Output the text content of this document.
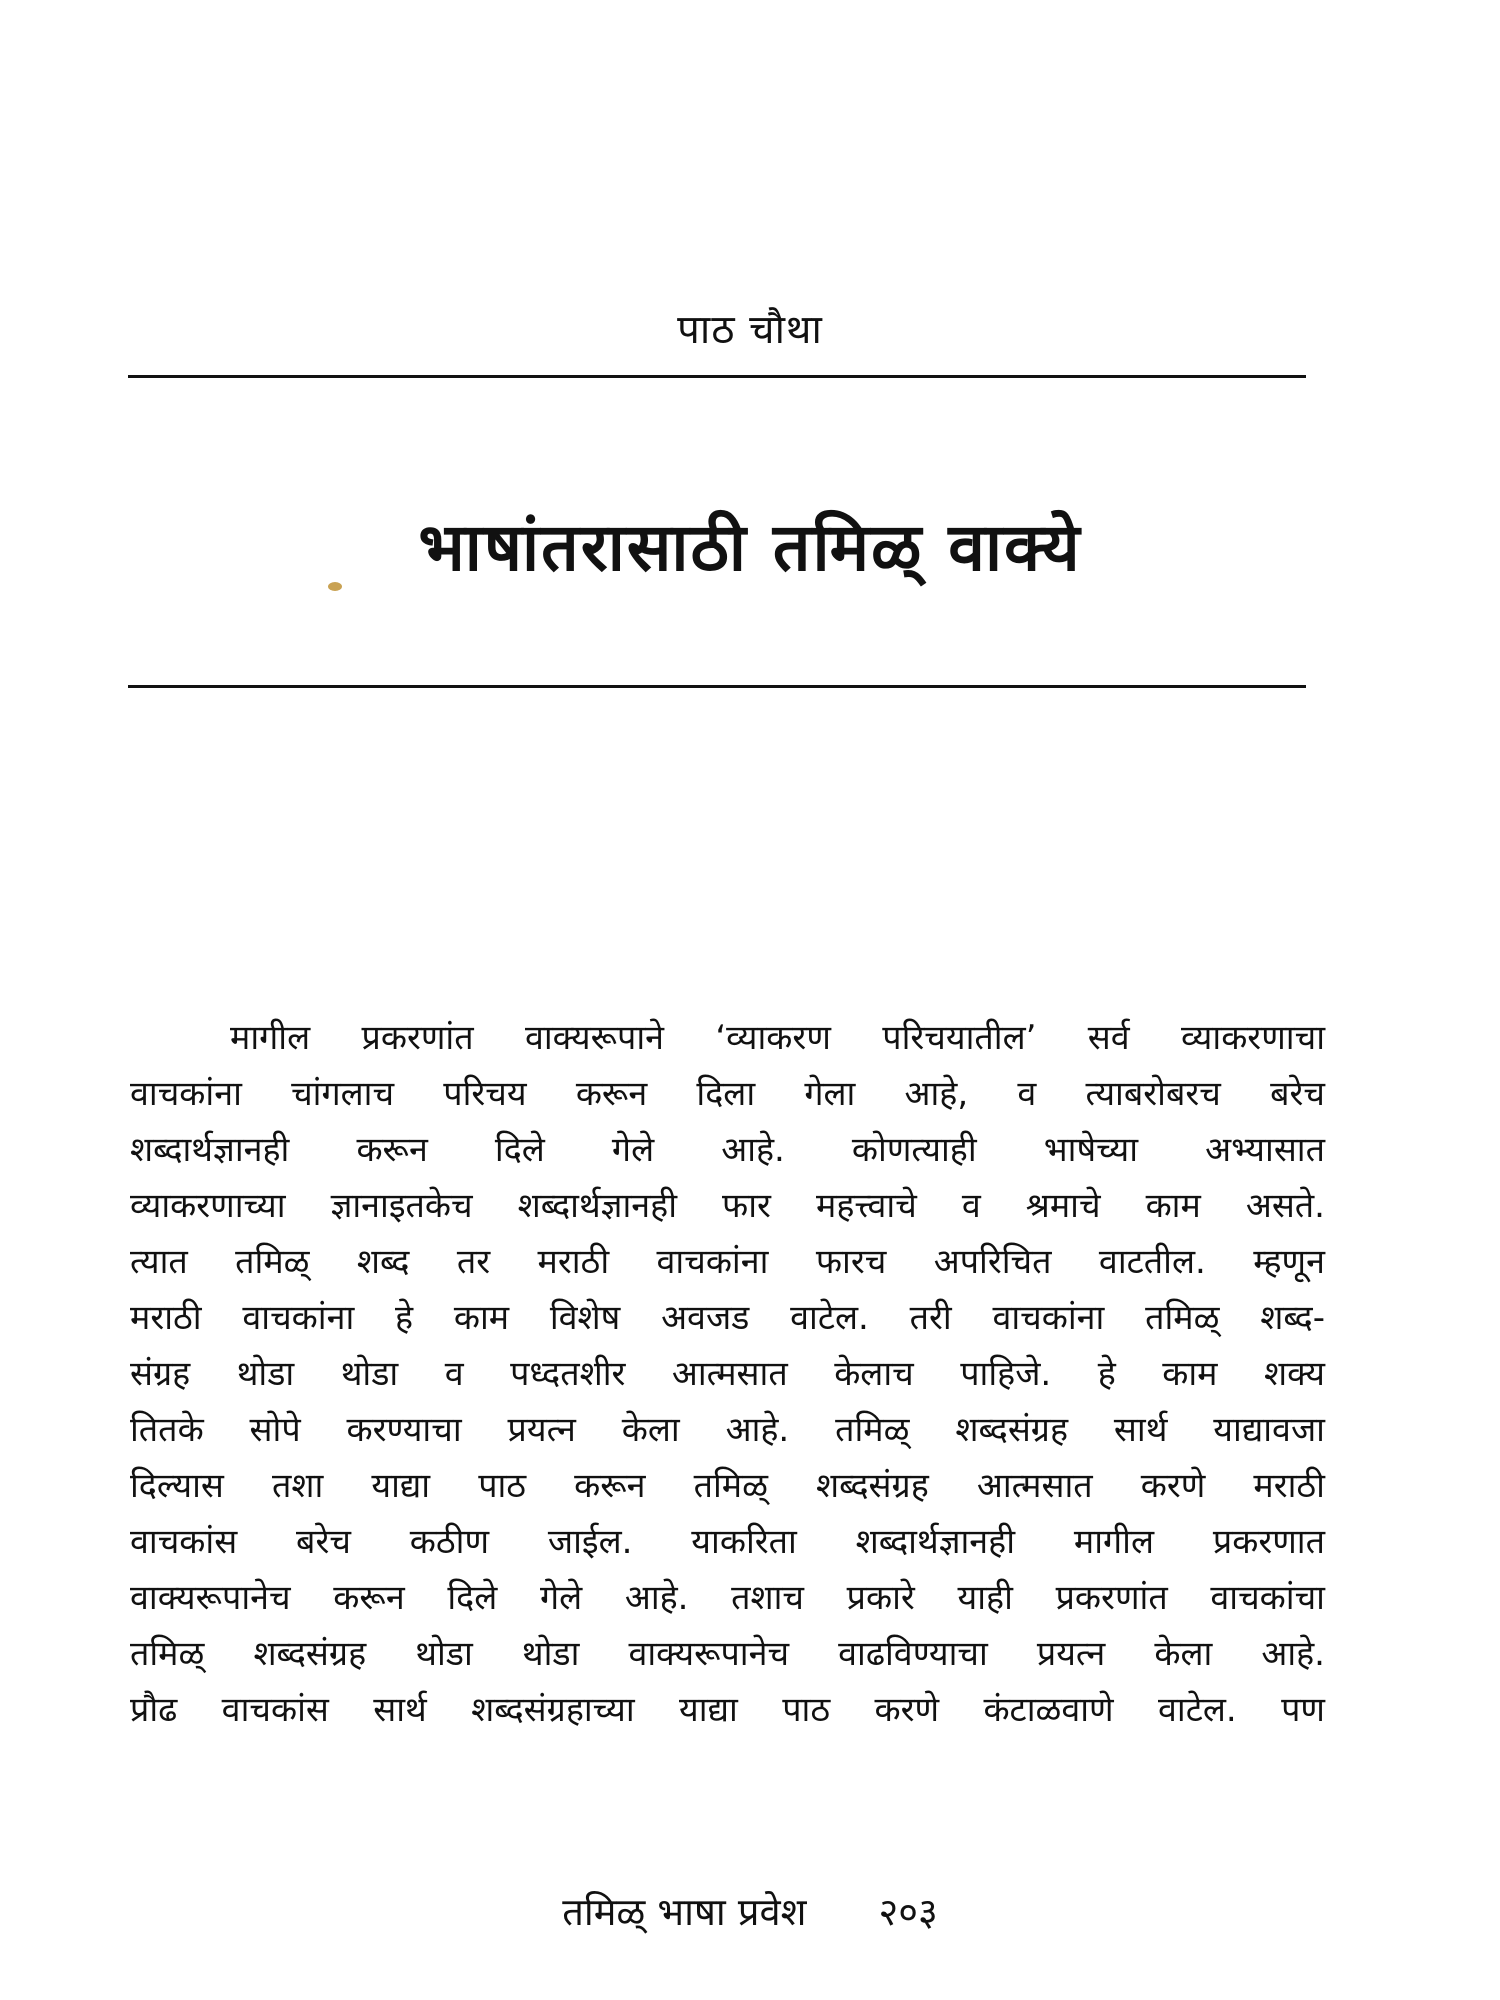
पाठ चौथा
भाषांतरासाठी तमिळ् वाक्ये
मागील प्रकरणांत वाक्यरूपाने ‘व्याकरण परिचयातील’ सर्व व्याकरणाचा
वाचकांना चांगलाच परिचय करून दिला गेला आहे, व त्याबरोबरच बरेच
शब्दार्थज्ञानही करून दिले गेले आहे. कोणत्याही भाषेच्या अभ्यासात
व्याकरणाच्या ज्ञानाइतकेच शब्दार्थज्ञानही फार महत्त्वाचे व श्रमाचे काम असते.
त्यात तमिळ् शब्द तर मराठी वाचकांना फारच अपरिचित वाटतील. म्हणून
मराठी वाचकांना हे काम विशेष अवजड वाटेल. तरी वाचकांना तमिळ् शब्द-
संग्रह थोडा थोडा व पध्दतशीर आत्मसात केलाच पाहिजे. हे काम शक्य
तितके सोपे करण्याचा प्रयत्न केला आहे. तमिळ् शब्दसंग्रह सार्थ याद्यावजा
दिल्यास तशा याद्या पाठ करून तमिळ् शब्दसंग्रह आत्मसात करणे मराठी
वाचकांस बरेच कठीण जाईल. याकरिता शब्दार्थज्ञानही मागील प्रकरणात
वाक्यरूपानेच करून दिले गेले आहे. तशाच प्रकारे याही प्रकरणांत वाचकांचा
तमिळ् शब्दसंग्रह थोडा थोडा वाक्यरूपानेच वाढविण्याचा प्रयत्न केला आहे.
प्रौढ वाचकांस सार्थ शब्दसंग्रहाच्या याद्या पाठ करणे कंटाळवाणे वाटेल. पण
तमिळ् भाषा प्रवेश २०३
